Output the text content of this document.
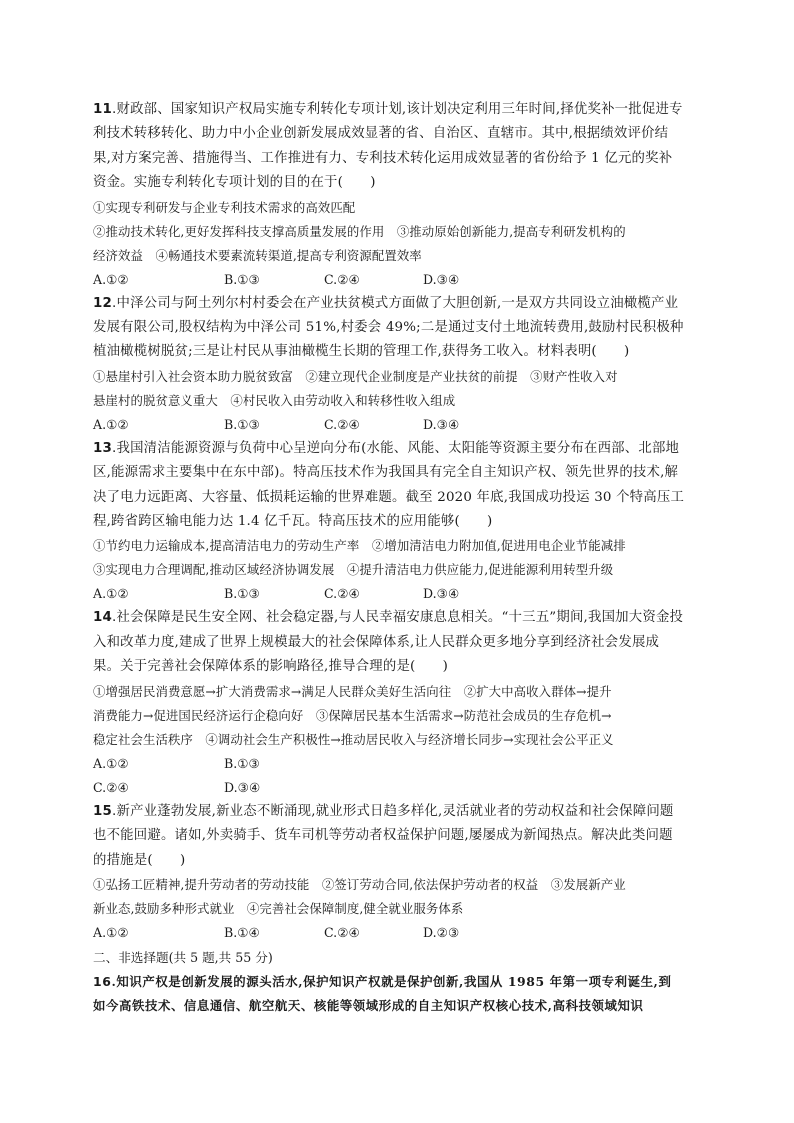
11.财政部、国家知识产权局实施专利转化专项计划,该计划决定利用三年时间,择优奖补一批促进专
利技术转移转化、助力中小企业创新发展成效显著的省、自治区、直辖市。其中,根据绩效评价结
果,对方案完善、措施得当、工作推进有力、专利技术转化运用成效显著的省份给予 1 亿元的奖补
资金。实施专利转化专项计划的目的在于(　　)
①实现专利研发与企业专利技术需求的高效匹配
②推动技术转化,更好发挥科技支撑高质量发展的作用　③推动原始创新能力,提高专利研发机构的
经济效益　④畅通技术要素流转渠道,提高专利资源配置效率
A.①②	B.①③	C.②④	D.③④
12.中泽公司与阿土列尔村村委会在产业扶贫模式方面做了大胆创新,一是双方共同设立油橄榄产业
发展有限公司,股权结构为中泽公司 51%,村委会 49%;二是通过支付土地流转费用,鼓励村民积极种
植油橄榄树脱贫;三是让村民从事油橄榄生长期的管理工作,获得务工收入。材料表明(　　)
①悬崖村引入社会资本助力脱贫致富　②建立现代企业制度是产业扶贫的前提　③财产性收入对
悬崖村的脱贫意义重大　④村民收入由劳动收入和转移性收入组成
A.①②	B.①③	C.②④	D.③④
13.我国清洁能源资源与负荷中心呈逆向分布(水能、风能、太阳能等资源主要分布在西部、北部地
区,能源需求主要集中在东中部)。特高压技术作为我国具有完全自主知识产权、领先世界的技术,解
决了电力远距离、大容量、低损耗运输的世界难题。截至 2020 年底,我国成功投运 30 个特高压工
程,跨省跨区输电能力达 1.4 亿千瓦。特高压技术的应用能够(　　)
①节约电力运输成本,提高清洁电力的劳动生产率　②增加清洁电力附加值,促进用电企业节能减排
③实现电力合理调配,推动区域经济协调发展　④提升清洁电力供应能力,促进能源利用转型升级
A.①②	B.①③	C.②④	D.③④
14.社会保障是民生安全网、社会稳定器,与人民幸福安康息息相关。“十三五”期间,我国加大资金投
入和改革力度,建成了世界上规模最大的社会保障体系,让人民群众更多地分享到经济社会发展成
果。关于完善社会保障体系的影响路径,推导合理的是(　　)
①增强居民消费意愿→扩大消费需求→满足人民群众美好生活向往　②扩大中高收入群体→提升
消费能力→促进国民经济运行企稳向好　③保障居民基本生活需求→防范社会成员的生存危机→
稳定社会生活秩序　④调动社会生产积极性→推动居民收入与经济增长同步→实现社会公平正义
A.①②	B.①③
C.②④	D.③④
15.新产业蓬勃发展,新业态不断涌现,就业形式日趋多样化,灵活就业者的劳动权益和社会保障问题
也不能回避。诸如,外卖骑手、货车司机等劳动者权益保护问题,屡屡成为新闻热点。解决此类问题
的措施是(　　)
①弘扬工匠精神,提升劳动者的劳动技能　②签订劳动合同,依法保护劳动者的权益　③发展新产业
新业态,鼓励多种形式就业　④完善社会保障制度,健全就业服务体系
A.①②	B.①④	C.②④	D.②③
二、非选择题(共 5 题,共 55 分)
16.知识产权是创新发展的源头活水,保护知识产权就是保护创新,我国从 1985 年第一项专利诞生,到
如今高铁技术、信息通信、航空航天、核能等领域形成的自主知识产权核心技术,高科技领域知识
